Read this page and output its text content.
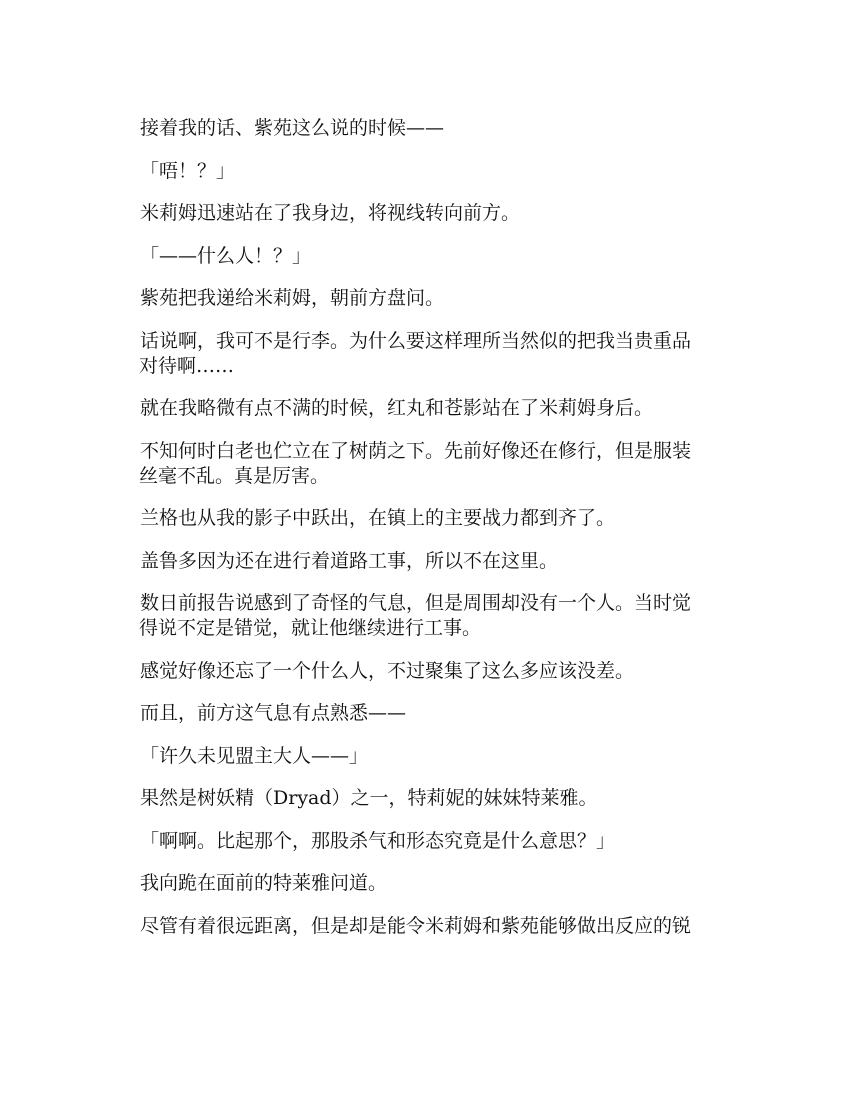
接着我的话、紫苑这么说的时候——

「唔！？」

米莉姆迅速站在了我身边，将视线转向前方。

「——什么人！？」

紫苑把我递给米莉姆，朝前方盘问。

话说啊，我可不是行李。为什么要这样理所当然似的把我当贵重品
对待啊……

就在我略微有点不满的时候，红丸和苍影站在了米莉姆身后。

不知何时白老也伫立在了树荫之下。先前好像还在修行，但是服装
丝毫不乱。真是厉害。

兰格也从我的影子中跃出，在镇上的主要战力都到齐了。

盖鲁多因为还在进行着道路工事，所以不在这里。

数日前报告说感到了奇怪的气息，但是周围却没有一个人。当时觉
得说不定是错觉，就让他继续进行工事。

感觉好像还忘了一个什么人，不过聚集了这么多应该没差。

而且，前方这气息有点熟悉——

「许久未见盟主大人——」

果然是树妖精（Dryad）之一，特莉妮的妹妹特莱雅。

「啊啊。比起那个，那股杀气和形态究竟是什么意思？」

我向跪在面前的特莱雅问道。

尽管有着很远距离，但是却是能令米莉姆和紫苑能够做出反应的锐
